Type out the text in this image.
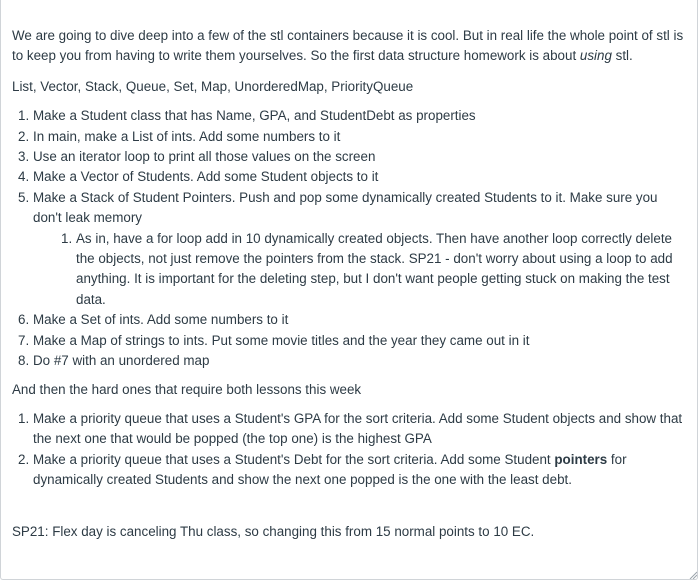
We are going to dive deep into a few of the stl containers because it is cool. But in real life the whole point of stl is to keep you from having to write them yourselves. So the first data structure homework is about using stl.

List, Vector, Stack, Queue, Set, Map, UnorderedMap, PriorityQueue

1. Make a Student class that has Name, GPA, and StudentDebt as properties
2. In main, make a List of ints. Add some numbers to it
3. Use an iterator loop to print all those values on the screen
4. Make a Vector of Students. Add some Student objects to it
5. Make a Stack of Student Pointers. Push and pop some dynamically created Students to it. Make sure you don't leak memory
1. As in, have a for loop add in 10 dynamically created objects. Then have another loop correctly delete the objects, not just remove the pointers from the stack. SP21 - don't worry about using a loop to add anything. It is important for the deleting step, but I don't want people getting stuck on making the test data.
6. Make a Set of ints. Add some numbers to it
7. Make a Map of strings to ints. Put some movie titles and the year they came out in it
8. Do #7 with an unordered map

And then the hard ones that require both lessons this week

1. Make a priority queue that uses a Student's GPA for the sort criteria. Add some Student objects and show that the next one that would be popped (the top one) is the highest GPA
2. Make a priority queue that uses a Student's Debt for the sort criteria. Add some Student pointers for dynamically created Students and show the next one popped is the one with the least debt.

SP21: Flex day is canceling Thu class, so changing this from 15 normal points to 10 EC.
